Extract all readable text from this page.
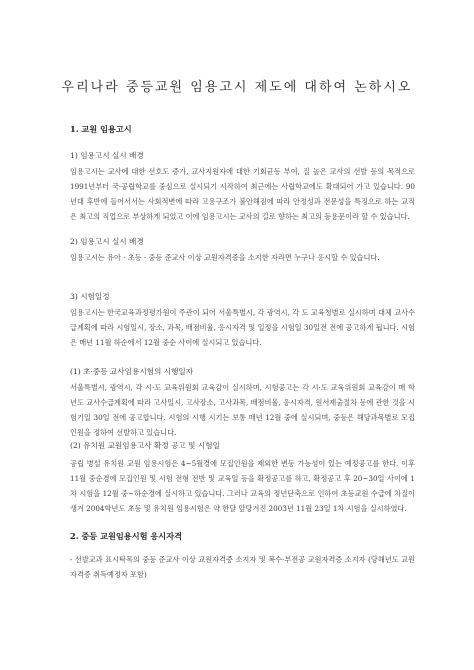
우리나라 중등교원 임용고시 제도에 대하여 논하시오
1. 교원 임용고시
1) 임용고시 실시 배경
임용고시는 교사에 대한 선호도 증가, 교사지원자에 대한 기회균등 부여, 질 높은 교사의 선발 등의 목적으로 1991년부터 국·공립학교를 중심으로 실시되기 시작하여 최근에는 사립학교에도 확대되어 가고 있습니다. 90년대 후반에 들어서서는 사회적변에 따라 고용구조가 불안해짐에 따라 안정성과 전문성을 특징으로 하는 교직은 최고의 직업으로 부상하게 되었고 이에 임용고시는 교사의 길로 향하는 최고의 등용문이라 할 수 있습니다.
2) 임용고시 실시 배경
임용고시는 유아 · 초등 · 중등 준교사 이상 교원자격증을 소지한 자라면 누구나 응시할 수 있습니다.
3) 시험일정
임용고시는 한국교육과정평가원이 주관이 되어 서울특별시, 각 광역시, 각 도 교육청별로 실시하며 대체 교사수급계획에 따라 시험일시, 장소, 과목, 배점비율, 응시자격 및 일정을 시험일 30일전 전에 공고하게 됩니다. 시험은 매년 11월 하순에서 12월 중순 사이에 실시되고 있습니다.
(1) 초·중등 교사임용시험의 시행일자
서울특별시, 광역시, 각 시·도 교육위원회 교육감이 실시하며, 시험공고는 각 시·도 교육위원회 교육감이 매 학년도 교사수급계획에 따라 고사일시, 고사장소, 고사과목, 배점비율, 응시자격, 원서제출절차 등에 관한 것을 시험기일 30일 전에 공고합니다. 시험의 시행 시기는 보통 매년 12월 중에 실시되며, 중등은 해당과목별로 모집인원을 정하여 선발하고 있습니다.
(2) 유치원 교원임용고사 확정 공고 및 시험일
공립 병설 유치원 교원 임용시험은 4~5월경에 모집인원을 제외한 변동 가능성이 있는 예정공고를 한다. 이후 11월 중순경에 모집인원 및 시험 전형 전반 및 교육일 등을 확정공고를 하고, 확정공고 후 20~30일 사이에 1차 시험을 12월 중~하순경에 실시하고 있습니다. 그러나 교육의 정년단축으로 인하여 초등교원 수급에 차질이 생겨 2004학년도 초등 및 유치원 임용시험은 약 한달 앞당겨진 2003년 11월 23일 1차 시험을 실시하였다.
2. 중등 교원임용시험 응시자격
- 선발교과 표시탁목의 중등 준교사 이상 교원자격증 소지자 및 복수·부전공 교원자격증 소지자 (당해년도 교원자격증 취득예정자 포함)
